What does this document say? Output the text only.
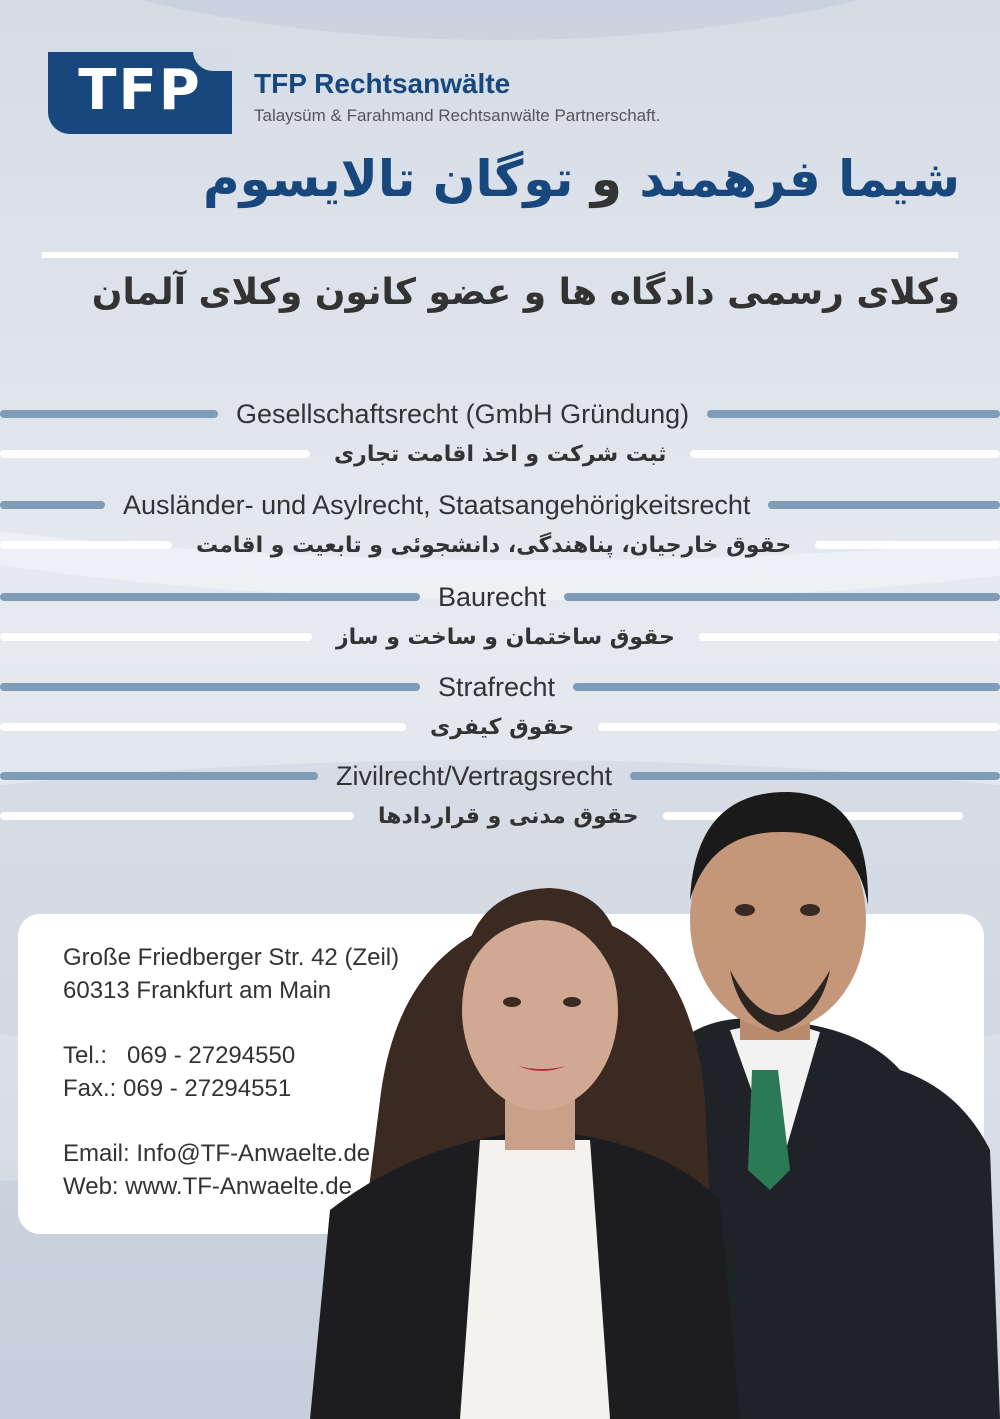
TFP	TFP Rechtsanwälte
Talaysüm & Farahmand Rechtsanwälte Partnerschaft.
شیما فرهمند و توگان تالایسوم
وکلای رسمی دادگاه ها و عضو کانون وکلای آلمان
Gesellschaftsrecht (GmbH Gründung)
ثبت شرکت و اخذ اقامت تجاری
Ausländer- und Asylrecht, Staatsangehörigkeitsrecht
حقوق خارجیان، پناهندگی، دانشجوئی و تابعیت و اقامت
Baurecht
حقوق ساختمان و ساخت و ساز
Strafrecht
حقوق کیفری
Zivilrecht/Vertragsrecht
حقوق مدنی و قراردادها
Große Friedberger Str. 42 (Zeil)
60313 Frankfurt am Main
Tel.:   069 - 27294550
Fax.: 069 - 27294551
Email: Info@TF-Anwaelte.de
Web: www.TF-Anwaelte.de
